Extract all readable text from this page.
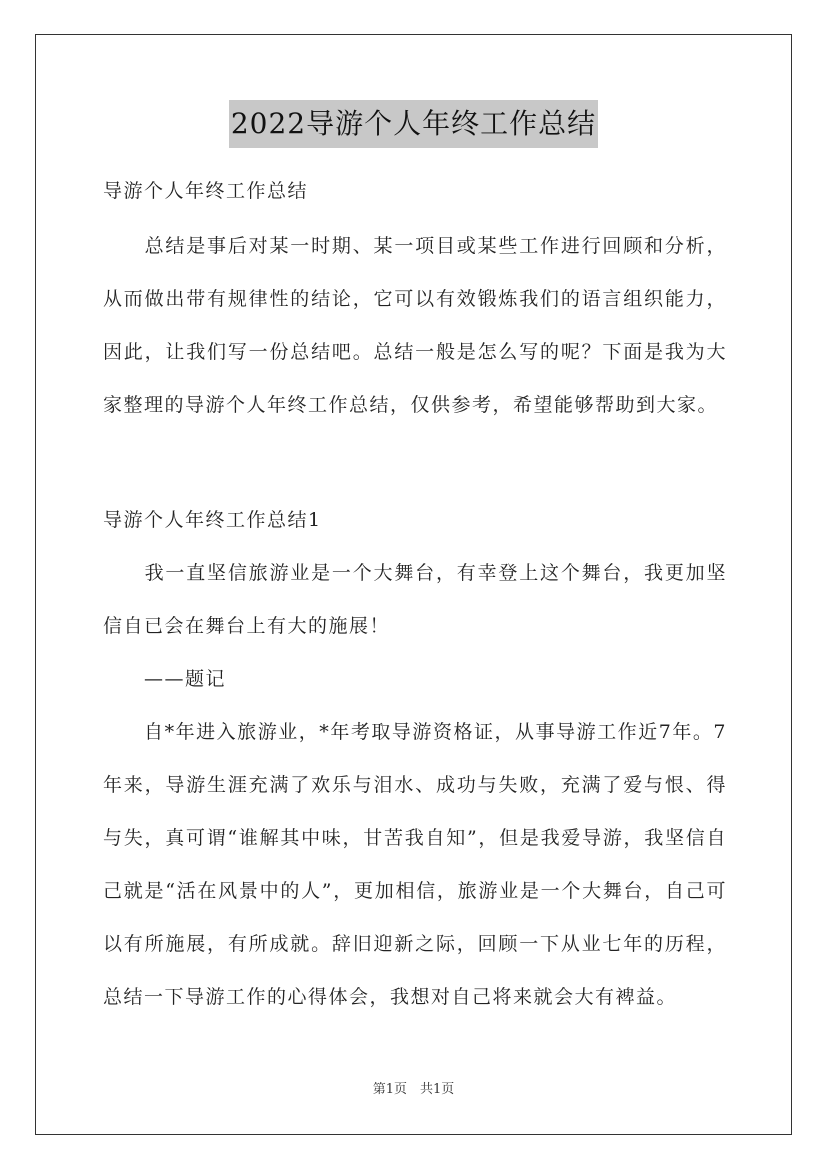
2022导游个人年终工作总结

导游个人年终工作总结

　　总结是事后对某一时期、某一项目或某些工作进行回顾和分析，从而做出带有规律性的结论，它可以有效锻炼我们的语言组织能力，因此，让我们写一份总结吧。总结一般是怎么写的呢？下面是我为大家整理的导游个人年终工作总结，仅供参考，希望能够帮助到大家。

导游个人年终工作总结1

　　我一直坚信旅游业是一个大舞台，有幸登上这个舞台，我更加坚信自已会在舞台上有大的施展！

　　——题记

　　自*年进入旅游业，*年考取导游资格证，从事导游工作近7年。7年来，导游生涯充满了欢乐与泪水、成功与失败，充满了爱与恨、得与失，真可谓“谁解其中味，甘苦我自知”，但是我爱导游，我坚信自己就是“活在风景中的人”，更加相信，旅游业是一个大舞台，自己可以有所施展，有所成就。辞旧迎新之际，回顾一下从业七年的历程，总结一下导游工作的心得体会，我想对自己将来就会大有裨益。

第1页　共1页
